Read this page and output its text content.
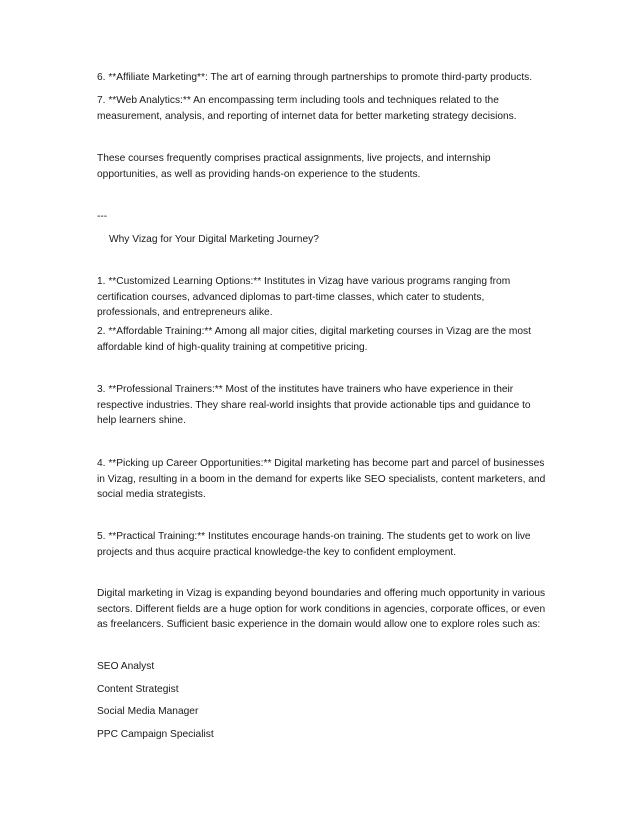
6. **Affiliate Marketing**: The art of earning through partnerships to promote third-party products.

7. **Web Analytics:** An encompassing term including tools and techniques related to the measurement, analysis, and reporting of internet data for better marketing strategy decisions.

These courses frequently comprises practical assignments, live projects, and internship opportunities, as well as providing hands-on experience to the students.

---

Why Vizag for Your Digital Marketing Journey?

1. **Customized Learning Options:** Institutes in Vizag have various programs ranging from certification courses, advanced diplomas to part-time classes, which cater to students, professionals, and entrepreneurs alike.

2. **Affordable Training:** Among all major cities, digital marketing courses in Vizag are the most affordable kind of high-quality training at competitive pricing.

3. **Professional Trainers:** Most of the institutes have trainers who have experience in their respective industries. They share real-world insights that provide actionable tips and guidance to help learners shine.

4. **Picking up Career Opportunities:** Digital marketing has become part and parcel of businesses in Vizag, resulting in a boom in the demand for experts like SEO specialists, content marketers, and social media strategists.

5. **Practical Training:** Institutes encourage hands-on training. The students get to work on live projects and thus acquire practical knowledge-the key to confident employment.

Digital marketing in Vizag is expanding beyond boundaries and offering much opportunity in various sectors. Different fields are a huge option for work conditions in agencies, corporate offices, or even as freelancers. Sufficient basic experience in the domain would allow one to explore roles such as:

SEO Analyst

Content Strategist

Social Media Manager

PPC Campaign Specialist
